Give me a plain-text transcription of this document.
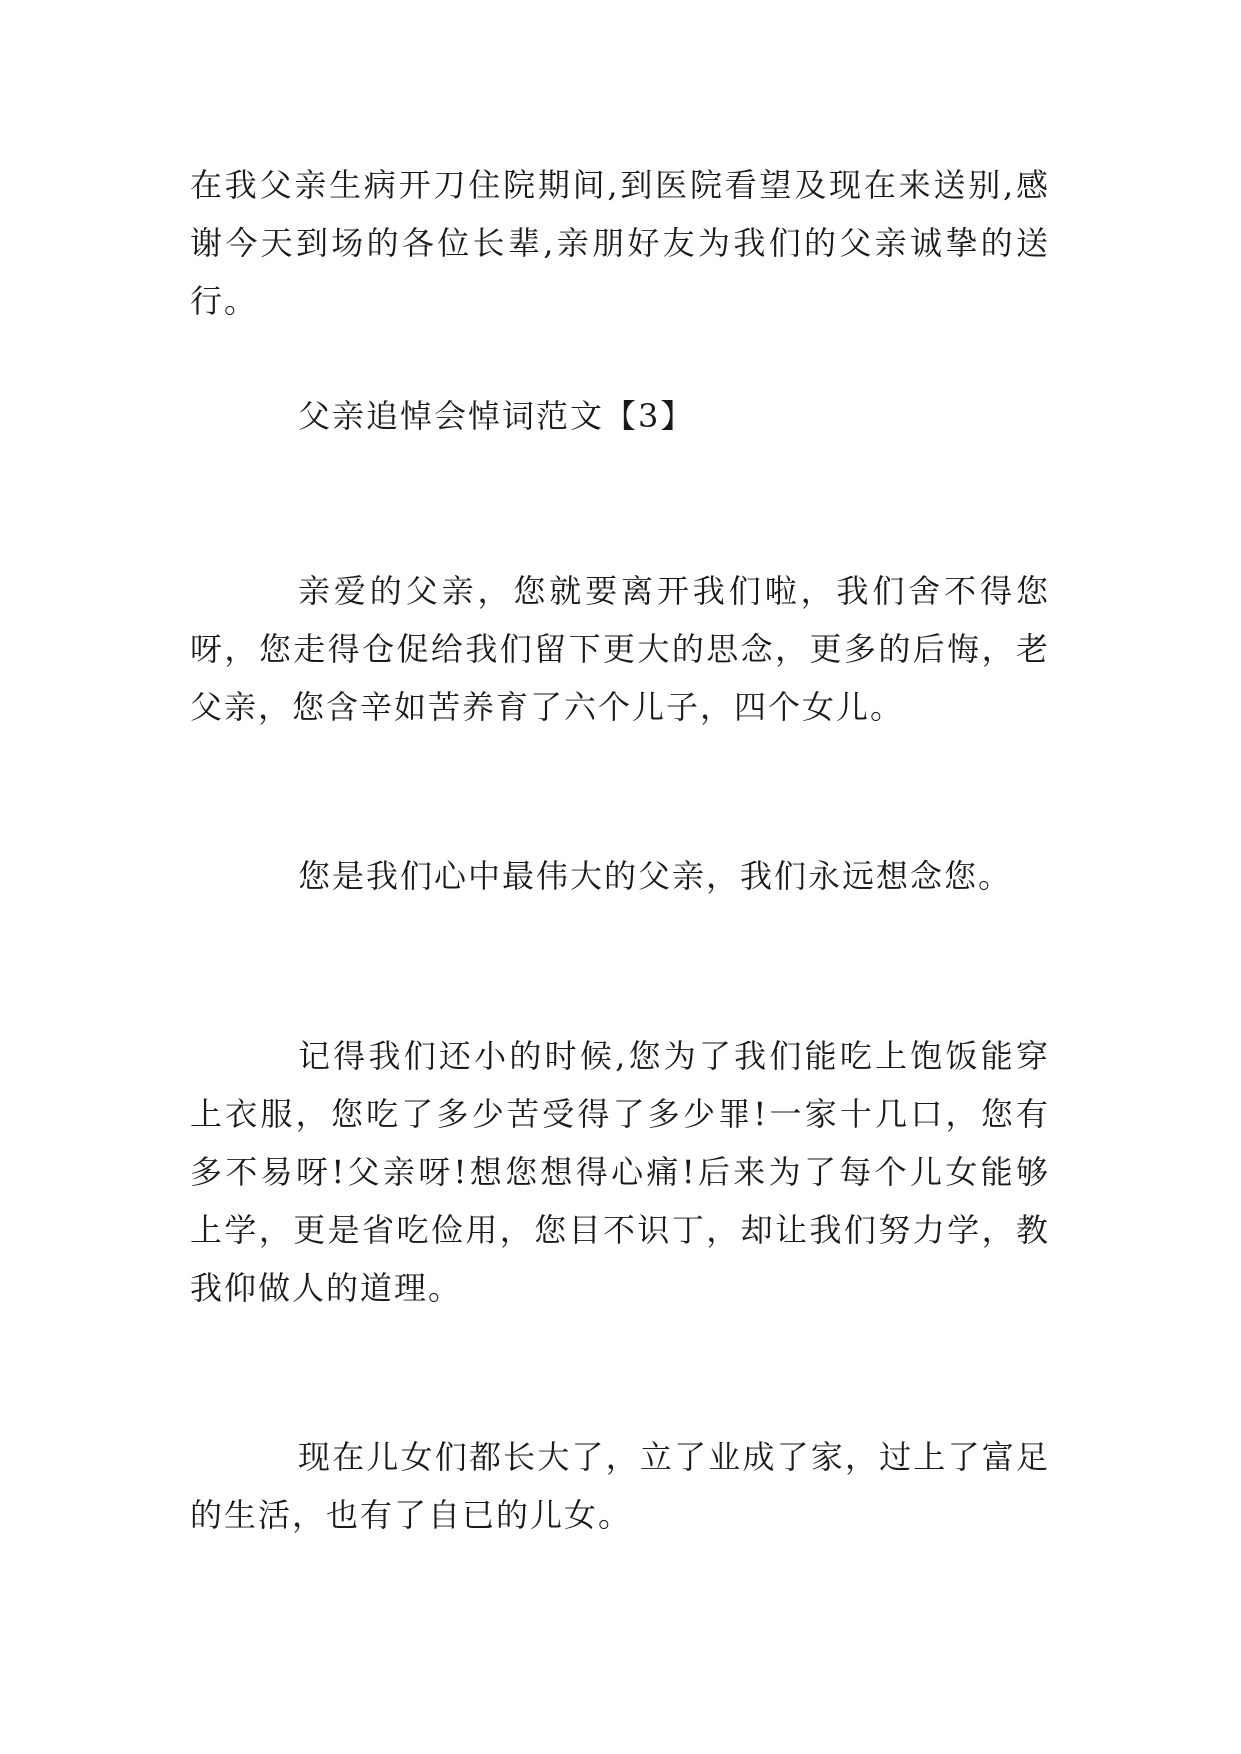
在我父亲生病开刀住院期间,到医院看望及现在来送别,感谢今天到场的各位长辈,亲朋好友为我们的父亲诚挚的送行。

父亲追悼会悼词范文【3】

亲爱的父亲，您就要离开我们啦，我们舍不得您呀，您走得仓促给我们留下更大的思念，更多的后悔，老父亲，您含辛如苦养育了六个儿子，四个女儿。

您是我们心中最伟大的父亲，我们永远想念您。

记得我们还小的时候,您为了我们能吃上饱饭能穿上衣服，您吃了多少苦受得了多少罪!一家十几口，您有多不易呀!父亲呀!想您想得心痛!后来为了每个儿女能够上学，更是省吃俭用，您目不识丁，却让我们努力学，教我仰做人的道理。

现在儿女们都长大了，立了业成了家，过上了富足的生活，也有了自已的儿女。
